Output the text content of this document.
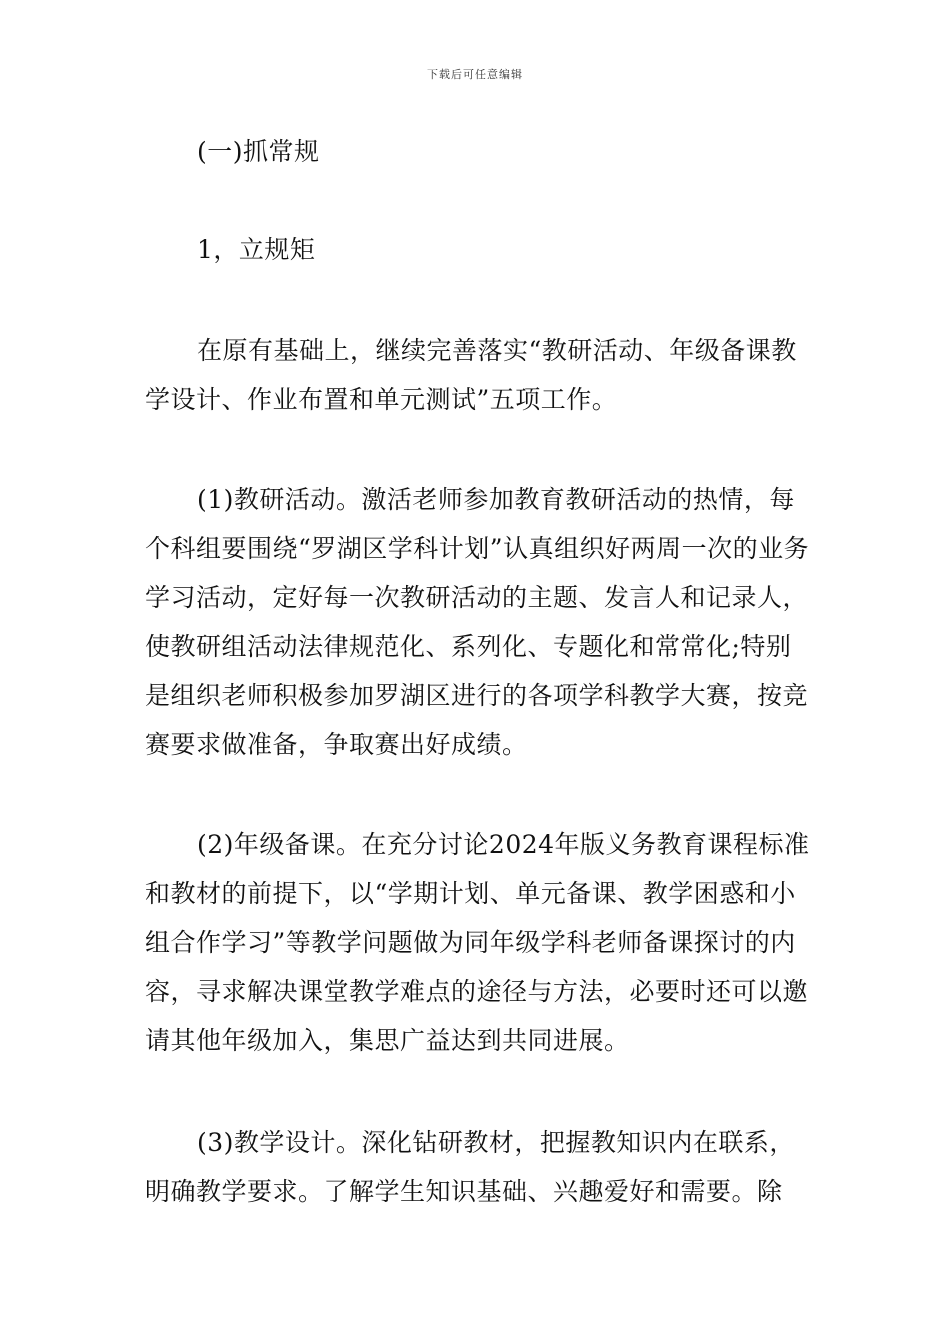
下载后可任意编辑

(一)抓常规

1，立规矩

在原有基础上，继续完善落实“教研活动、年级备课教学设计、作业布置和单元测试”五项工作。

(1)教研活动。激活老师参加教育教研活动的热情，每个科组要围绕“罗湖区学科计划”认真组织好两周一次的业务学习活动，定好每一次教研活动的主题、发言人和记录人，使教研组活动法律规范化、系列化、专题化和常常化;特别是组织老师积极参加罗湖区进行的各项学科教学大赛，按竞赛要求做准备，争取赛出好成绩。

(2)年级备课。在充分讨论2024年版义务教育课程标准和教材的前提下，以“学期计划、单元备课、教学困惑和小组合作学习”等教学问题做为同年级学科老师备课探讨的内容，寻求解决课堂教学难点的途径与方法，必要时还可以邀请其他年级加入，集思广益达到共同进展。

(3)教学设计。深化钻研教材，把握教知识内在联系，明确教学要求。了解学生知识基础、兴趣爱好和需要。除
